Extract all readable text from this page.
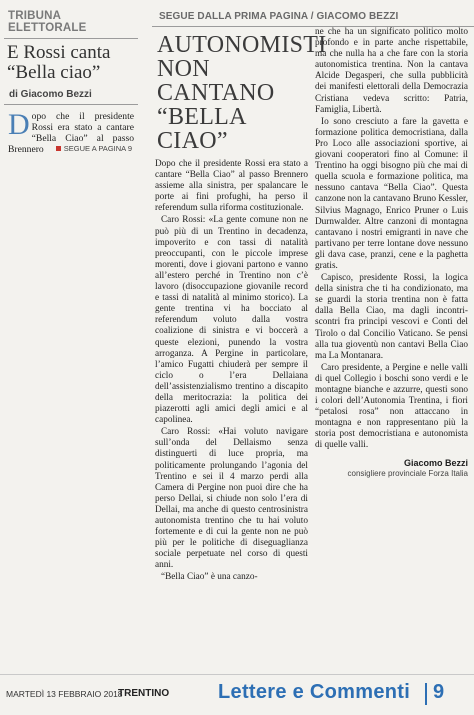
TRIBUNA ELETTORALE
E Rossi canta “Bella ciao”
di Giacomo Bezzi
Dopo che il presidente Rossi era stato a cantare “Bella Ciao” al passo Brennero	SEGUE A PAGINA 9
SEGUE DALLA PRIMA PAGINA / GIACOMO BEZZI
AUTONOMISTI NON CANTANO “BELLA CIAO”

Dopo che il presidente Rossi era stato a cantare “Bella Ciao” al passo Brennero assieme alla sinistra, per spalancare le porte ai fini profughi, ha perso il referendum sulla riforma costituzionale.

Caro Rossi: «La gente comune non ne può più di un Trentino in decadenza, impoverito e con tassi di natalità preoccupanti, con le piccole imprese morenti, dove i giovani partono e vanno all’estero perché in Trentino non c’è lavoro (disoccupazione giovanile record e tassi di natalità al minimo storico). La gente trentina vi ha bocciato al referendum voluto dalla vostra coalizione di sinistra e vi boccerà a queste elezioni, punendo la vostra arroganza. A Pergine in particolare, l’amico Fugatti chiuderà per sempre il ciclo o l’era Dellaiana dell’assistenzialismo trentino a discapito della meritocrazia: la politica dei piazerotti agli amici degli amici e al capolinea.

Caro Rossi: «Hai voluto navigare sull’onda del Dellaismo senza distinguerti di luce propria, ma politicamente prolungando l’agonia del Trentino e sei il 4 marzo perdi alla Camera di Pergine non puoi dire che ha perso Dellai, si chiude non solo l’era di Dellai, ma anche di questo centrosinistra autonomista trentino che tu hai voluto fortemente e di cui la gente non ne può più per le politiche di diseguaglianza sociale perpetuate nel corso di questi anni.

“Bella Ciao” è una canzo-

ne che ha un significato politico molto profondo e in parte anche rispettabile, ma che nulla ha a che fare con la storia autonomistica trentina. Non la cantava Alcide Degasperi, che sulla pubblicità dei manifesti elettorali della Democrazia Cristiana vedeva scritto: Patria, Famiglia, Libertà.

Io sono cresciuto a fare la gavetta e formazione politica democristiana, dalla Pro Loco alle associazioni sportive, ai giovani cooperatori fino al Comune: il Trentino ha oggi bisogno più che mai di quella scuola e formazione politica, ma nessuno cantava “Bella Ciao”. Questa canzone non la cantavano Bruno Kessler, Silvius Magnago, Enrico Pruner o Luis Durnwalder. Altre canzoni di montagna cantavano i nostri emigranti in nave che partivano per terre lontane dove nessuno gli dava case, pranzi, cene e la paghetta gratis.

Capisco, presidente Rossi, la logica della sinistra che ti ha condizionato, ma se guardi la storia trentina non è fatta dalla Bella Ciao, ma dagli incontri-scontri fra principi vescovi e Conti del Tirolo o dal Concilio Vaticano. Se pensi alla tua gioventù non cantavi Bella Ciao ma La Montanara.

Caro presidente, a Pergine e nelle valli di quel Collegio i boschi sono verdi e le montagne bianche e azzurre, questi sono i colori dell’Autonomia Trentina, i fiori “petalosi rosa” non attaccano in montagna e non rappresentano più la storia post democristiana e autonomista di quelle valli.

Giacomo Bezzi
consigliere provinciale Forza Italia
MARTEDÌ 13 FEBBRAIO 2018
TRENTINO Lettere e Commenti 9
